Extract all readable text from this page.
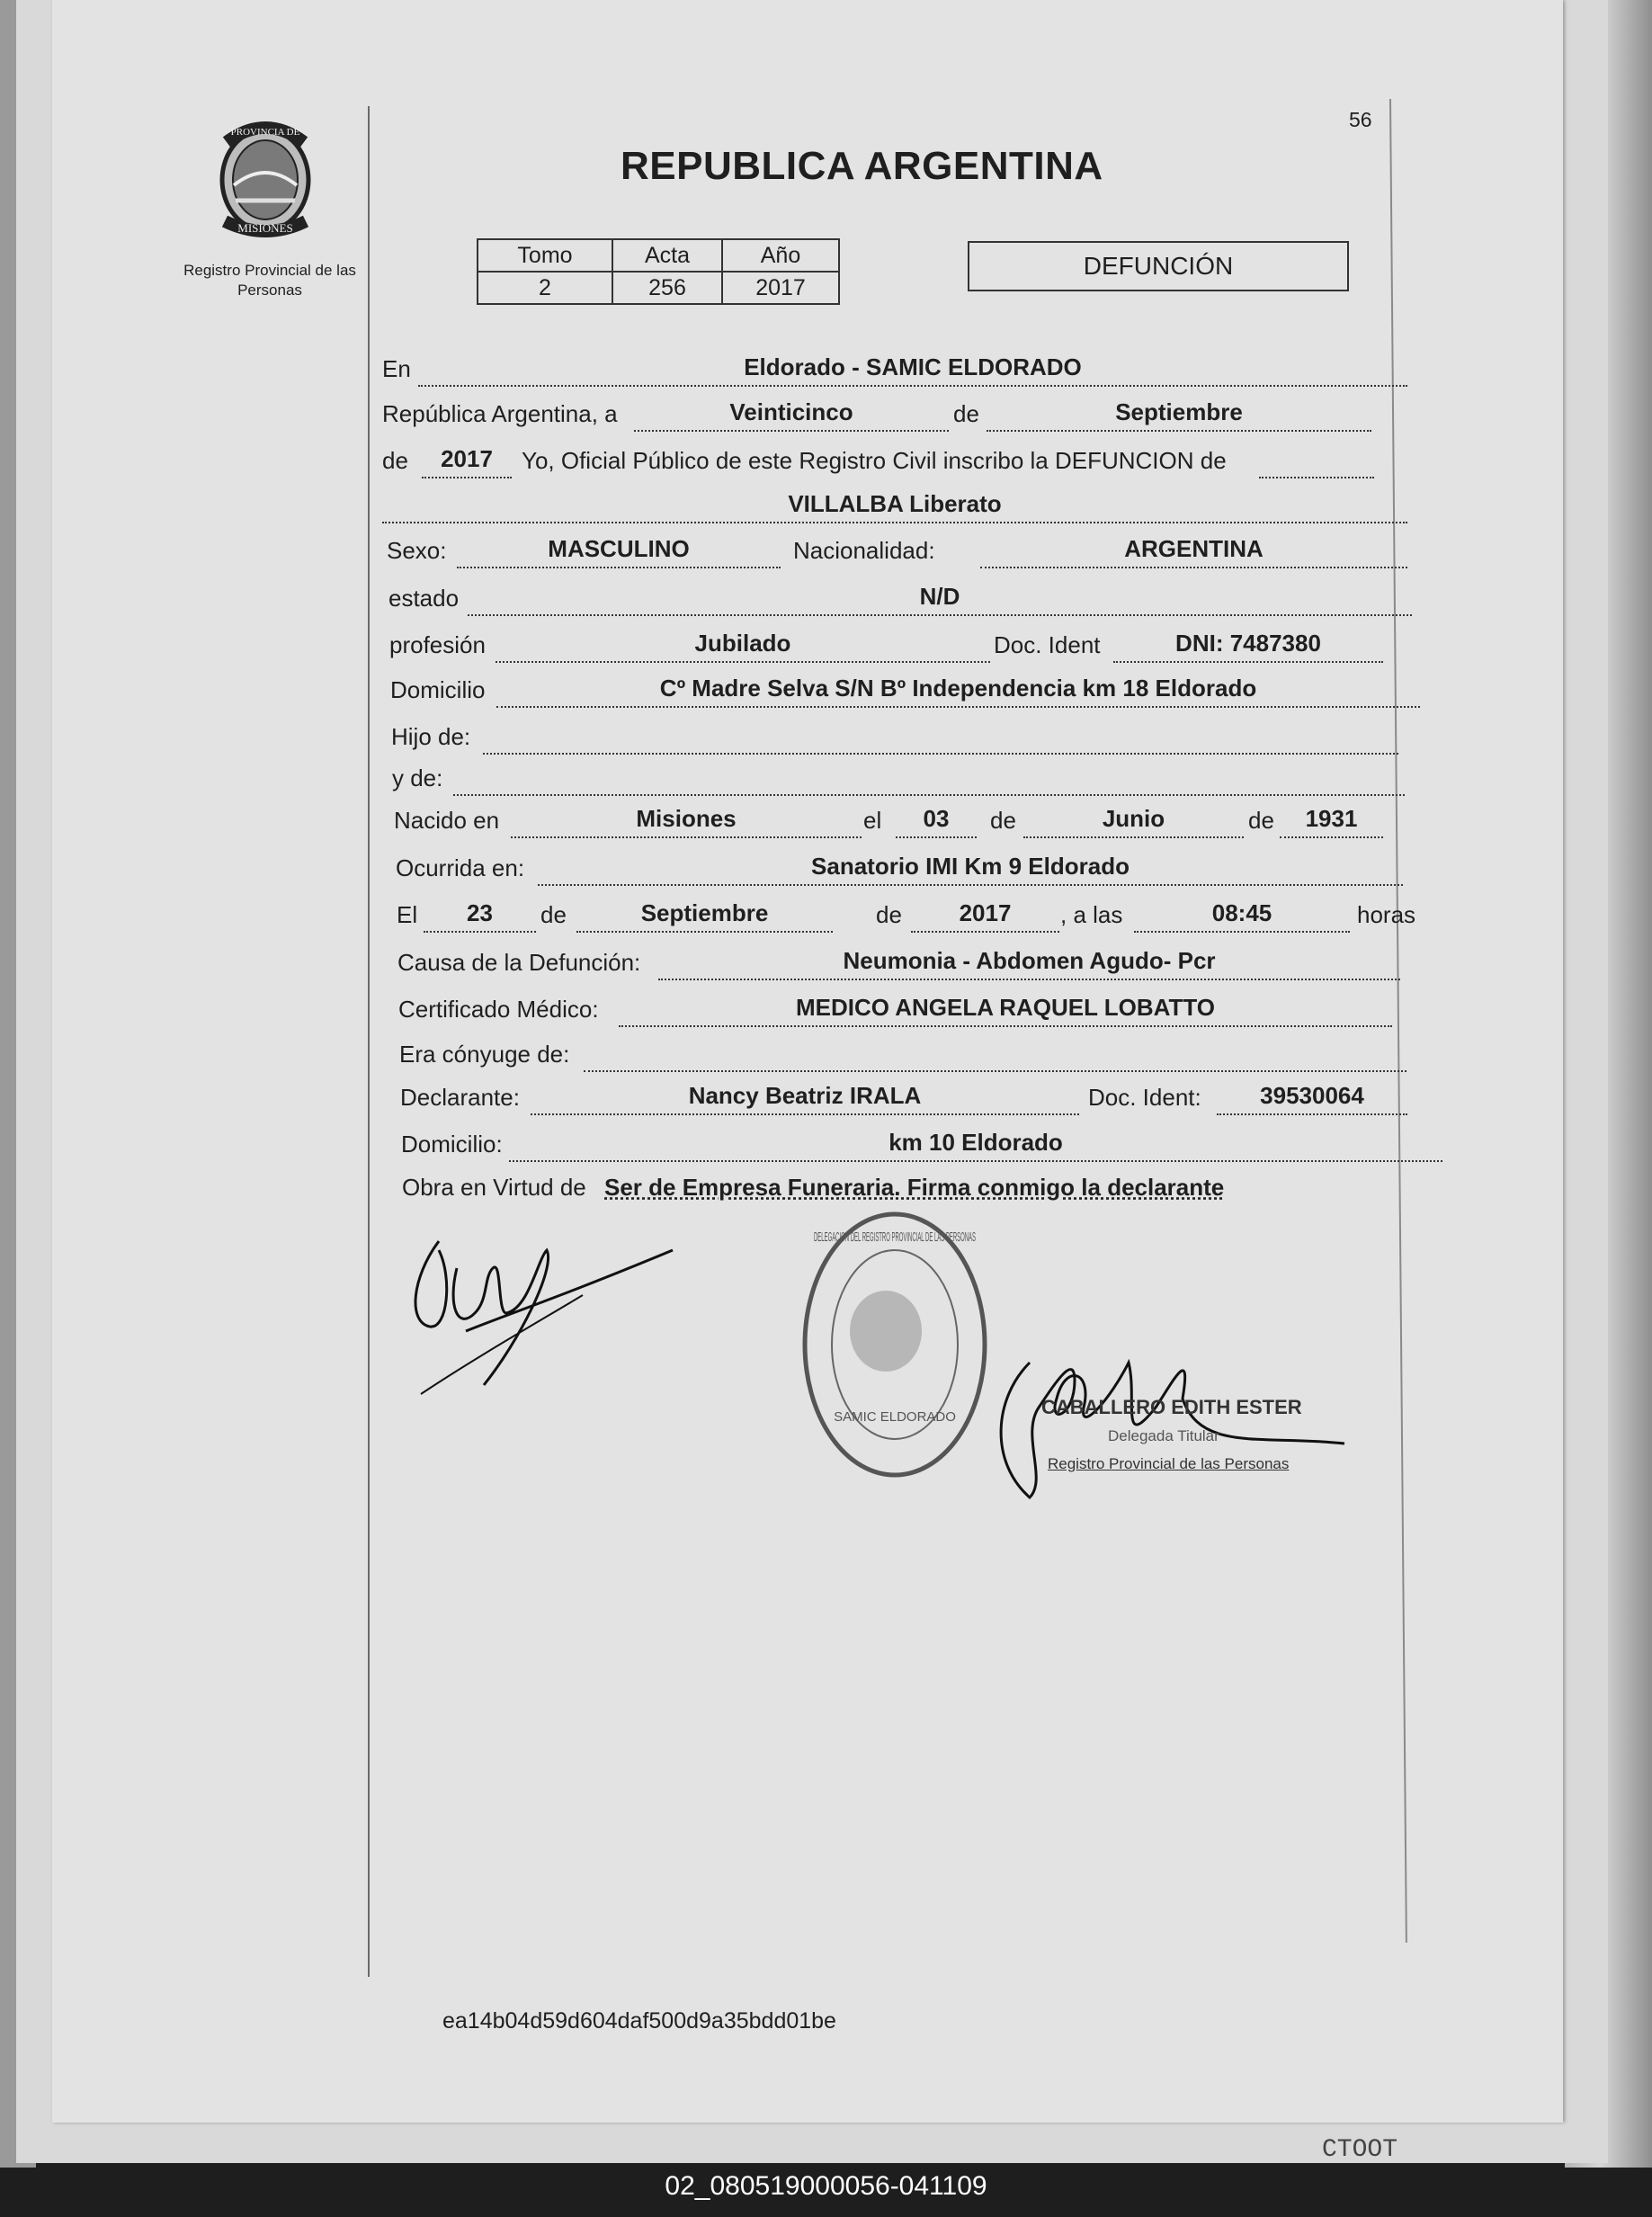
PROVINCIA DE
MISIONES
Registro Provincial de las Personas
56
REPUBLICA ARGENTINA
Tomo	Acta	Año
2	256	2017
DEFUNCIÓN
En	Eldorado - SAMIC ELDORADO
República Argentina, a	Veinticinco	de	Septiembre
de	2017	Yo, Oficial Público de este Registro Civil inscribo la DEFUNCION de
VILLALBA Liberato
Sexo:	MASCULINO	Nacionalidad:	ARGENTINA
estado	N/D
profesión	Jubilado	Doc. Ident	DNI: 7487380
Domicilio	Cº Madre Selva S/N Bº Independencia km 18 Eldorado
Hijo de:
y de:
Nacido en	Misiones	el	03	de	Junio	de	1931
Ocurrida en:	Sanatorio IMI Km 9 Eldorado
El	23	de	Septiembre	de	2017	, a las	08:45	horas
Causa de la Defunción:	Neumonia - Abdomen Agudo- Pcr
Certificado Médico:	MEDICO ANGELA RAQUEL LOBATTO
Era cónyuge de:
Declarante:	Nancy Beatriz IRALA	Doc. Ident:	39530064
Domicilio:	km 10 Eldorado
Obra en Virtud de Ser de Empresa Funeraria. Firma conmigo la declarante
DELEGACION DEL REGISTRO PROVINCIAL DE LAS PERSONAS
SAMIC ELDORADO	CABALLERO EDITH ESTER
Delegada Titular
Registro Provincial de las Personas
ea14b04d59d604daf500d9a35bdd01be
CTOOT
02_080519000056-041109
